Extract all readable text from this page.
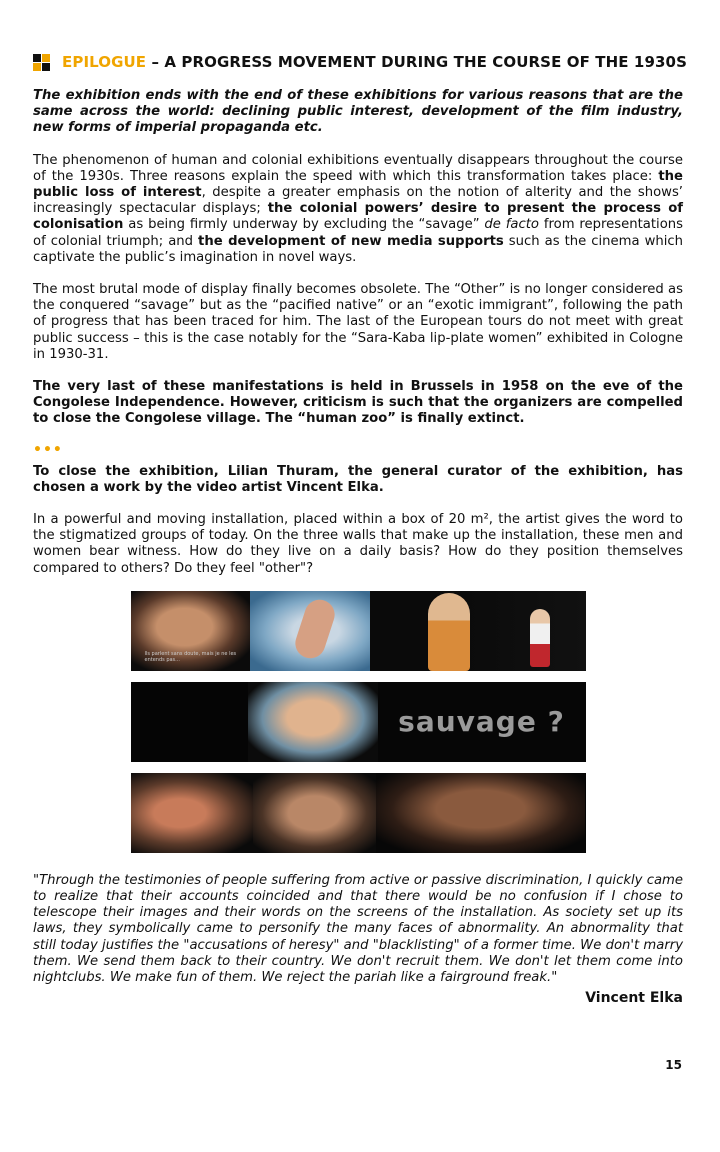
EPILOGUE – A PROGRESS MOVEMENT DURING THE COURSE OF THE 1930S

The exhibition ends with the end of these exhibitions for various reasons that are the same across the world: declining public interest, development of the film industry, new forms of imperial propaganda etc.

The phenomenon of human and colonial exhibitions eventually disappears throughout the course of the 1930s. Three reasons explain the speed with which this transformation takes place: the public loss of interest, despite a greater emphasis on the notion of alterity and the shows’ increasingly spectacular displays; the colonial powers’ desire to present the process of colonisation as being firmly underway by excluding the “savage” de facto from representations of colonial triumph; and the development of new media supports such as the cinema which captivate the public’s imagination in novel ways.

The most brutal mode of display finally becomes obsolete. The “Other” is no longer considered as the conquered “savage” but as the “pacified native” or an “exotic immigrant”, following the path of progress that has been traced for him. The last of the European tours do not meet with great public success – this is the case notably for the “Sara-Kaba lip-plate women” exhibited in Cologne in 1930-31.

The very last of these manifestations is held in Brussels in 1958 on the eve of the Congolese Independence. However, criticism is such that the organizers are compelled to close the Congolese village. The “human zoo” is finally extinct.

•••

To close the exhibition, Lilian Thuram, the general curator of the exhibition, has chosen a work by the video artist Vincent Elka.

In a powerful and moving installation, placed within a box of 20 m², the artist gives the word to the stigmatized groups of today. On the three walls that make up the installation, these men and women bear witness. How do they live on a daily basis? How do they position themselves compared to others? Do they feel "other"?

Ils parlent sans doute, mais je ne les entends pas...
sauvage ?

"Through the testimonies of people suffering from active or passive discrimination, I quickly came to realize that their accounts coincided and that there would be no confusion if I chose to telescope their images and their words on the screens of the installation. As society set up its laws, they symbolically came to personify the many faces of abnormality. An abnormality that still today justifies the "accusations of heresy" and "blacklisting" of a former time. We don't marry them. We send them back to their country. We don't recruit them. We don't let them come into nightclubs. We make fun of them. We reject the pariah like a fairground freak."

Vincent Elka
15
